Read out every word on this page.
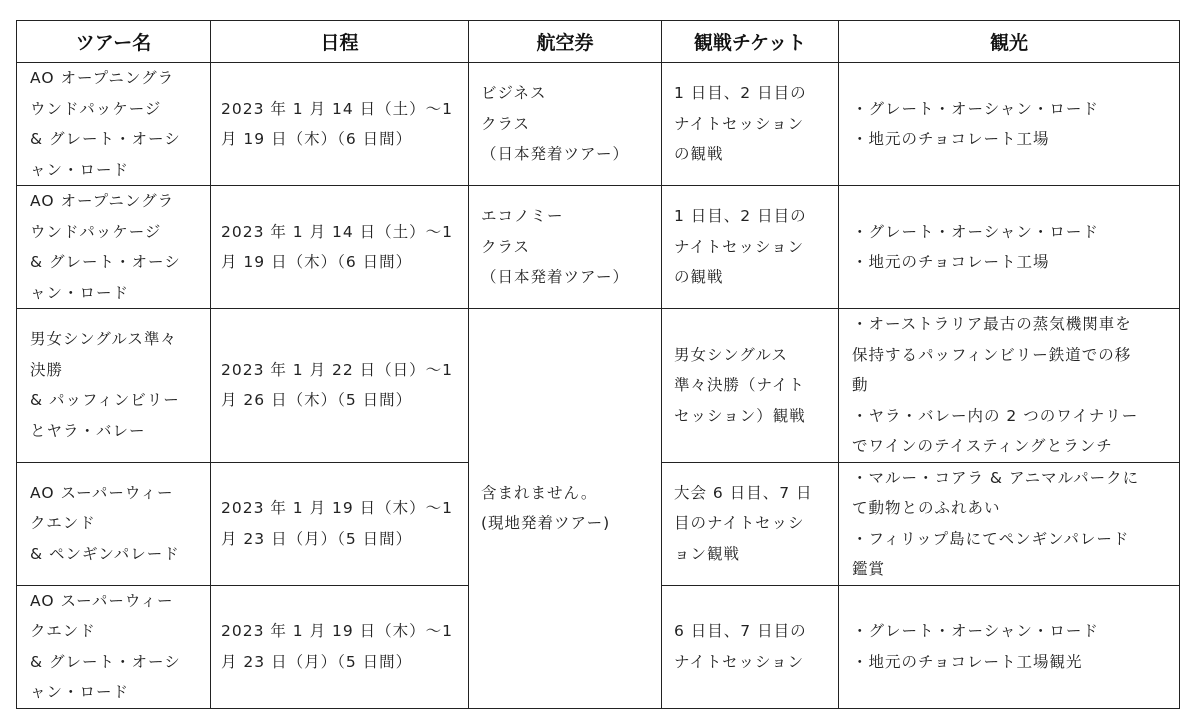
ツアー名	日程	航空券	観戦チケット	観光

AO オープニングラ
ウンドパッケージ
& グレート・オーシ
ャン・ロード	2023 年 1 月 14 日（土）～1
月 19 日（木）（6 日間）	ビジネス
クラス
（日本発着ツアー）	1 日目、2 日目の
ナイトセッション
の観戦	・グレート・オーシャン・ロード
・地元のチョコレート工場

AO オープニングラ
ウンドパッケージ
& グレート・オーシ
ャン・ロード	2023 年 1 月 14 日（土）～1
月 19 日（木）（6 日間）	エコノミー
クラス
（日本発着ツアー）	1 日目、2 日目の
ナイトセッション
の観戦	・グレート・オーシャン・ロード
・地元のチョコレート工場

男女シングルス準々
決勝
& パッフィンビリー
とヤラ・バレー	2023 年 1 月 22 日（日）～1
月 26 日（木）（5 日間）	含まれません。
(現地発着ツアー)	男女シングルス
準々決勝（ナイト
セッション）観戦	・オーストラリア最古の蒸気機関車を
保持するパッフィンビリー鉄道での移
動
・ヤラ・バレー内の 2 つのワイナリー
でワインのテイスティングとランチ

AO スーパーウィー
クエンド
& ペンギンパレード	2023 年 1 月 19 日（木）～1
月 23 日（月）（5 日間）		大会 6 日目、7 日
目のナイトセッシ
ョン観戦	・マルー・コアラ & アニマルパークに
て動物とのふれあい
・フィリップ島にてペンギンパレード
鑑賞

AO スーパーウィー
クエンド
& グレート・オーシ
ャン・ロード	2023 年 1 月 19 日（木）～1
月 23 日（月）（5 日間）		6 日目、7 日目の
ナイトセッション	・グレート・オーシャン・ロード
・地元のチョコレート工場観光
